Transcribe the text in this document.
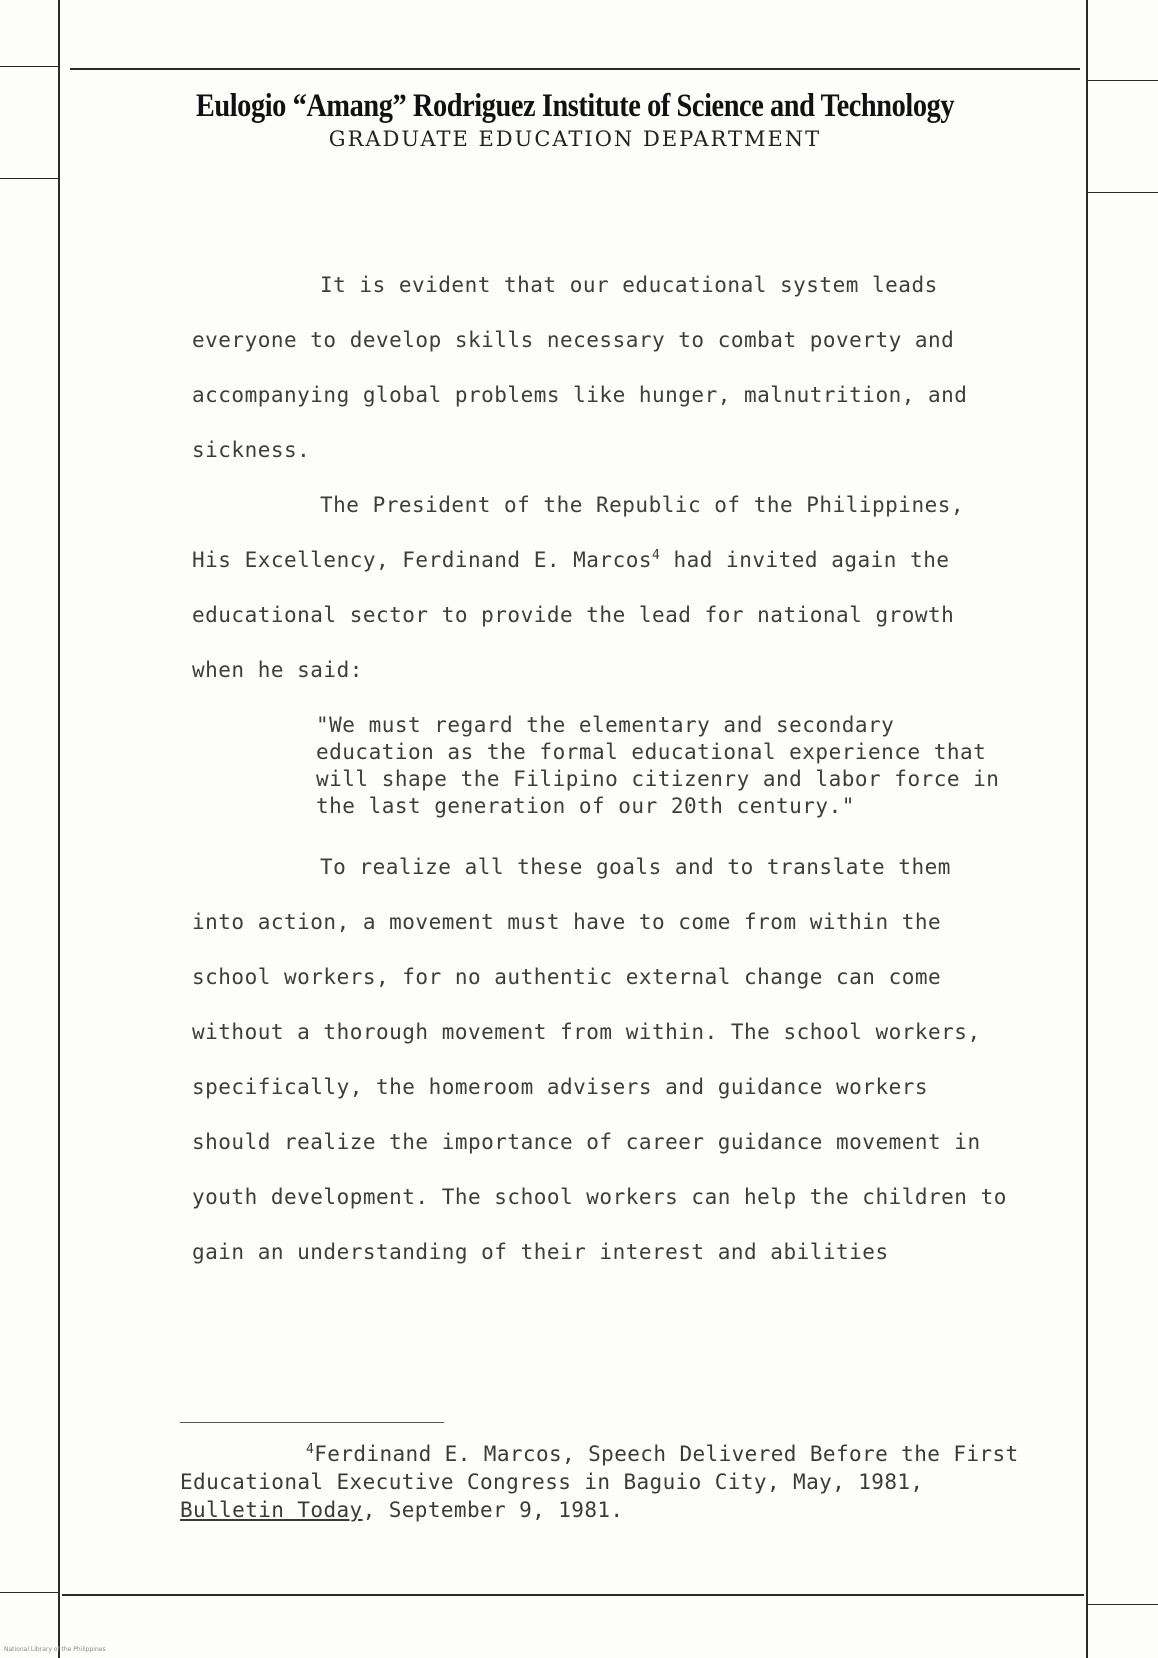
Eulogio “Amang” Rodriguez Institute of Science and Technology
GRADUATE EDUCATION DEPARTMENT

It is evident that our educational system leads everyone to develop skills necessary to combat poverty and accompanying global problems like hunger, malnutrition, and sickness.

The President of the Republic of the Philippines, His Excellency, Ferdinand E. Marcos$^4$ had invited again the educational sector to provide the lead for national growth when he said:

"We must regard the elementary and secondary education as the formal educational experience that will shape the Filipino citizenry and labor force in the last generation of our 20th century."

To realize all these goals and to translate them into action, a movement must have to come from within the school workers, for no authentic external change can come without a thorough movement from within. The school workers, specifically, the homeroom advisers and guidance workers should realize the importance of career guidance movement in youth development. The school workers can help the children to gain an understanding of their interest and abilities

$^4$Ferdinand E. Marcos, Speech Delivered Before the First Educational Executive Congress in Baguio City, May, 1981, Bulletin Today, September 9, 1981.
National Library of the Philippines
